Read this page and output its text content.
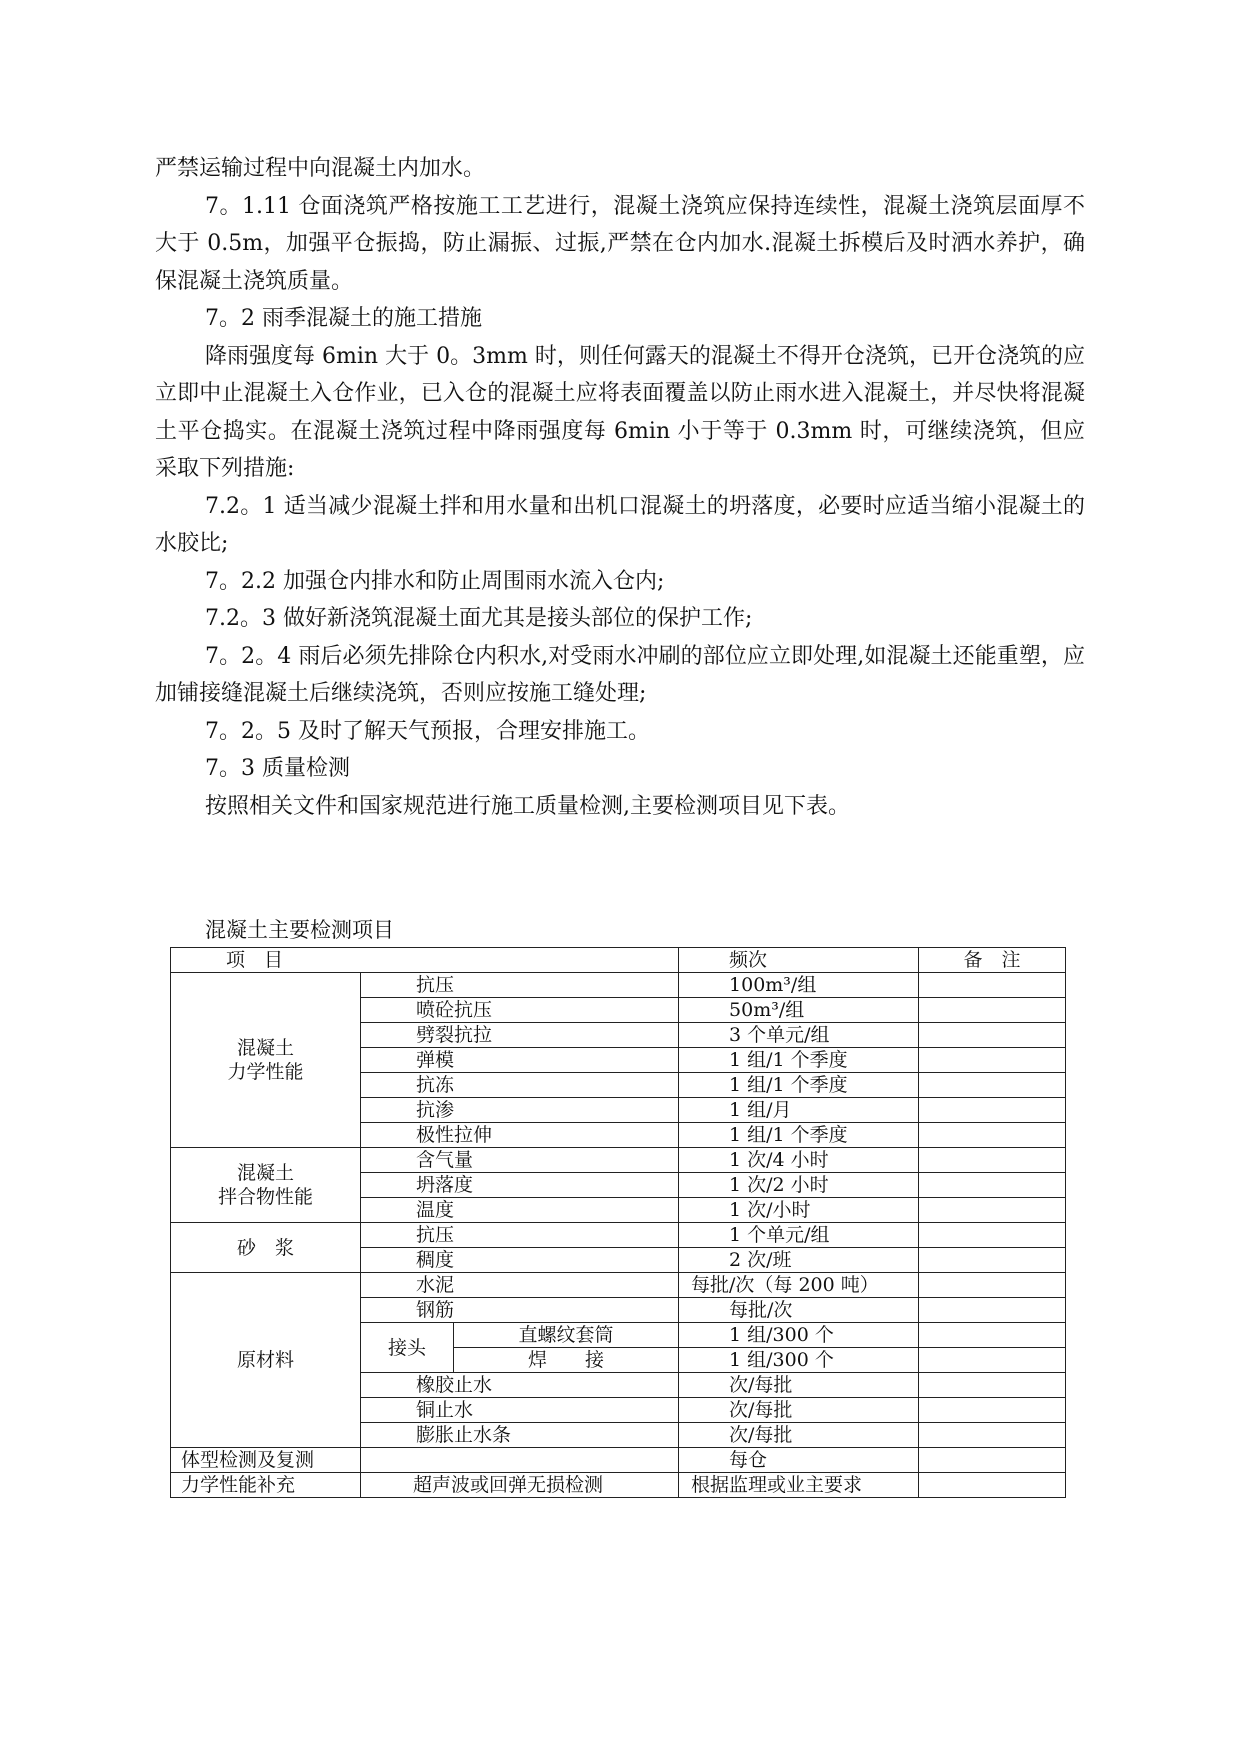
严禁运输过程中向混凝土内加水。

7。1.11 仓面浇筑严格按施工工艺进行，混凝土浇筑应保持连续性，混凝土浇筑层面厚不大于 0.5m，加强平仓振捣，防止漏振、过振,严禁在仓内加水.混凝土拆模后及时洒水养护，确保混凝土浇筑质量。

7。2 雨季混凝土的施工措施

降雨强度每 6min 大于 0。3mm 时，则任何露天的混凝土不得开仓浇筑，已开仓浇筑的应立即中止混凝土入仓作业，已入仓的混凝土应将表面覆盖以防止雨水进入混凝土，并尽快将混凝土平仓捣实。在混凝土浇筑过程中降雨强度每 6min 小于等于 0.3mm 时，可继续浇筑，但应采取下列措施:

7.2。1 适当减少混凝土拌和用水量和出机口混凝土的坍落度，必要时应适当缩小混凝土的水胶比;

7。2.2 加强仓内排水和防止周围雨水流入仓内;

7.2。3 做好新浇筑混凝土面尤其是接头部位的保护工作;

7。2。4 雨后必须先排除仓内积水,对受雨水冲刷的部位应立即处理,如混凝土还能重塑，应加铺接缝混凝土后继续浇筑，否则应按施工缝处理;

7。2。5 及时了解天气预报，合理安排施工。

7。3 质量检测

按照相关文件和国家规范进行施工质量检测,主要检测项目见下表。

混凝土主要检测项目
项　目			频次	备　注

混凝土
力学性能	抗压		100m³/组	
	喷砼抗压		50m³/组	
	劈裂抗拉		3 个单元/组	
	弹模		1 组/1 个季度	
	抗冻		1 组/1 个季度	
	抗渗		1 组/月	
	极性拉伸		1 组/1 个季度	

混凝土
拌合物性能	含气量		1 次/4 小时	
	坍落度		1 次/2 小时	
	温度		1 次/小时	
砂　浆	抗压		1 个单元/组	
	稠度		2 次/班	
原材料	水泥		每批/次（每 200 吨）	
	钢筋		每批/次	
	接头	直螺纹套筒	1 组/300 个	
		焊　　接	1 组/300 个	
	橡胶止水		次/每批	
	铜止水		次/每批	
	膨胀止水条		次/每批	
体型检测及复测			每仓	
力学性能补充	超声波或回弹无损检测		根据监理或业主要求	
